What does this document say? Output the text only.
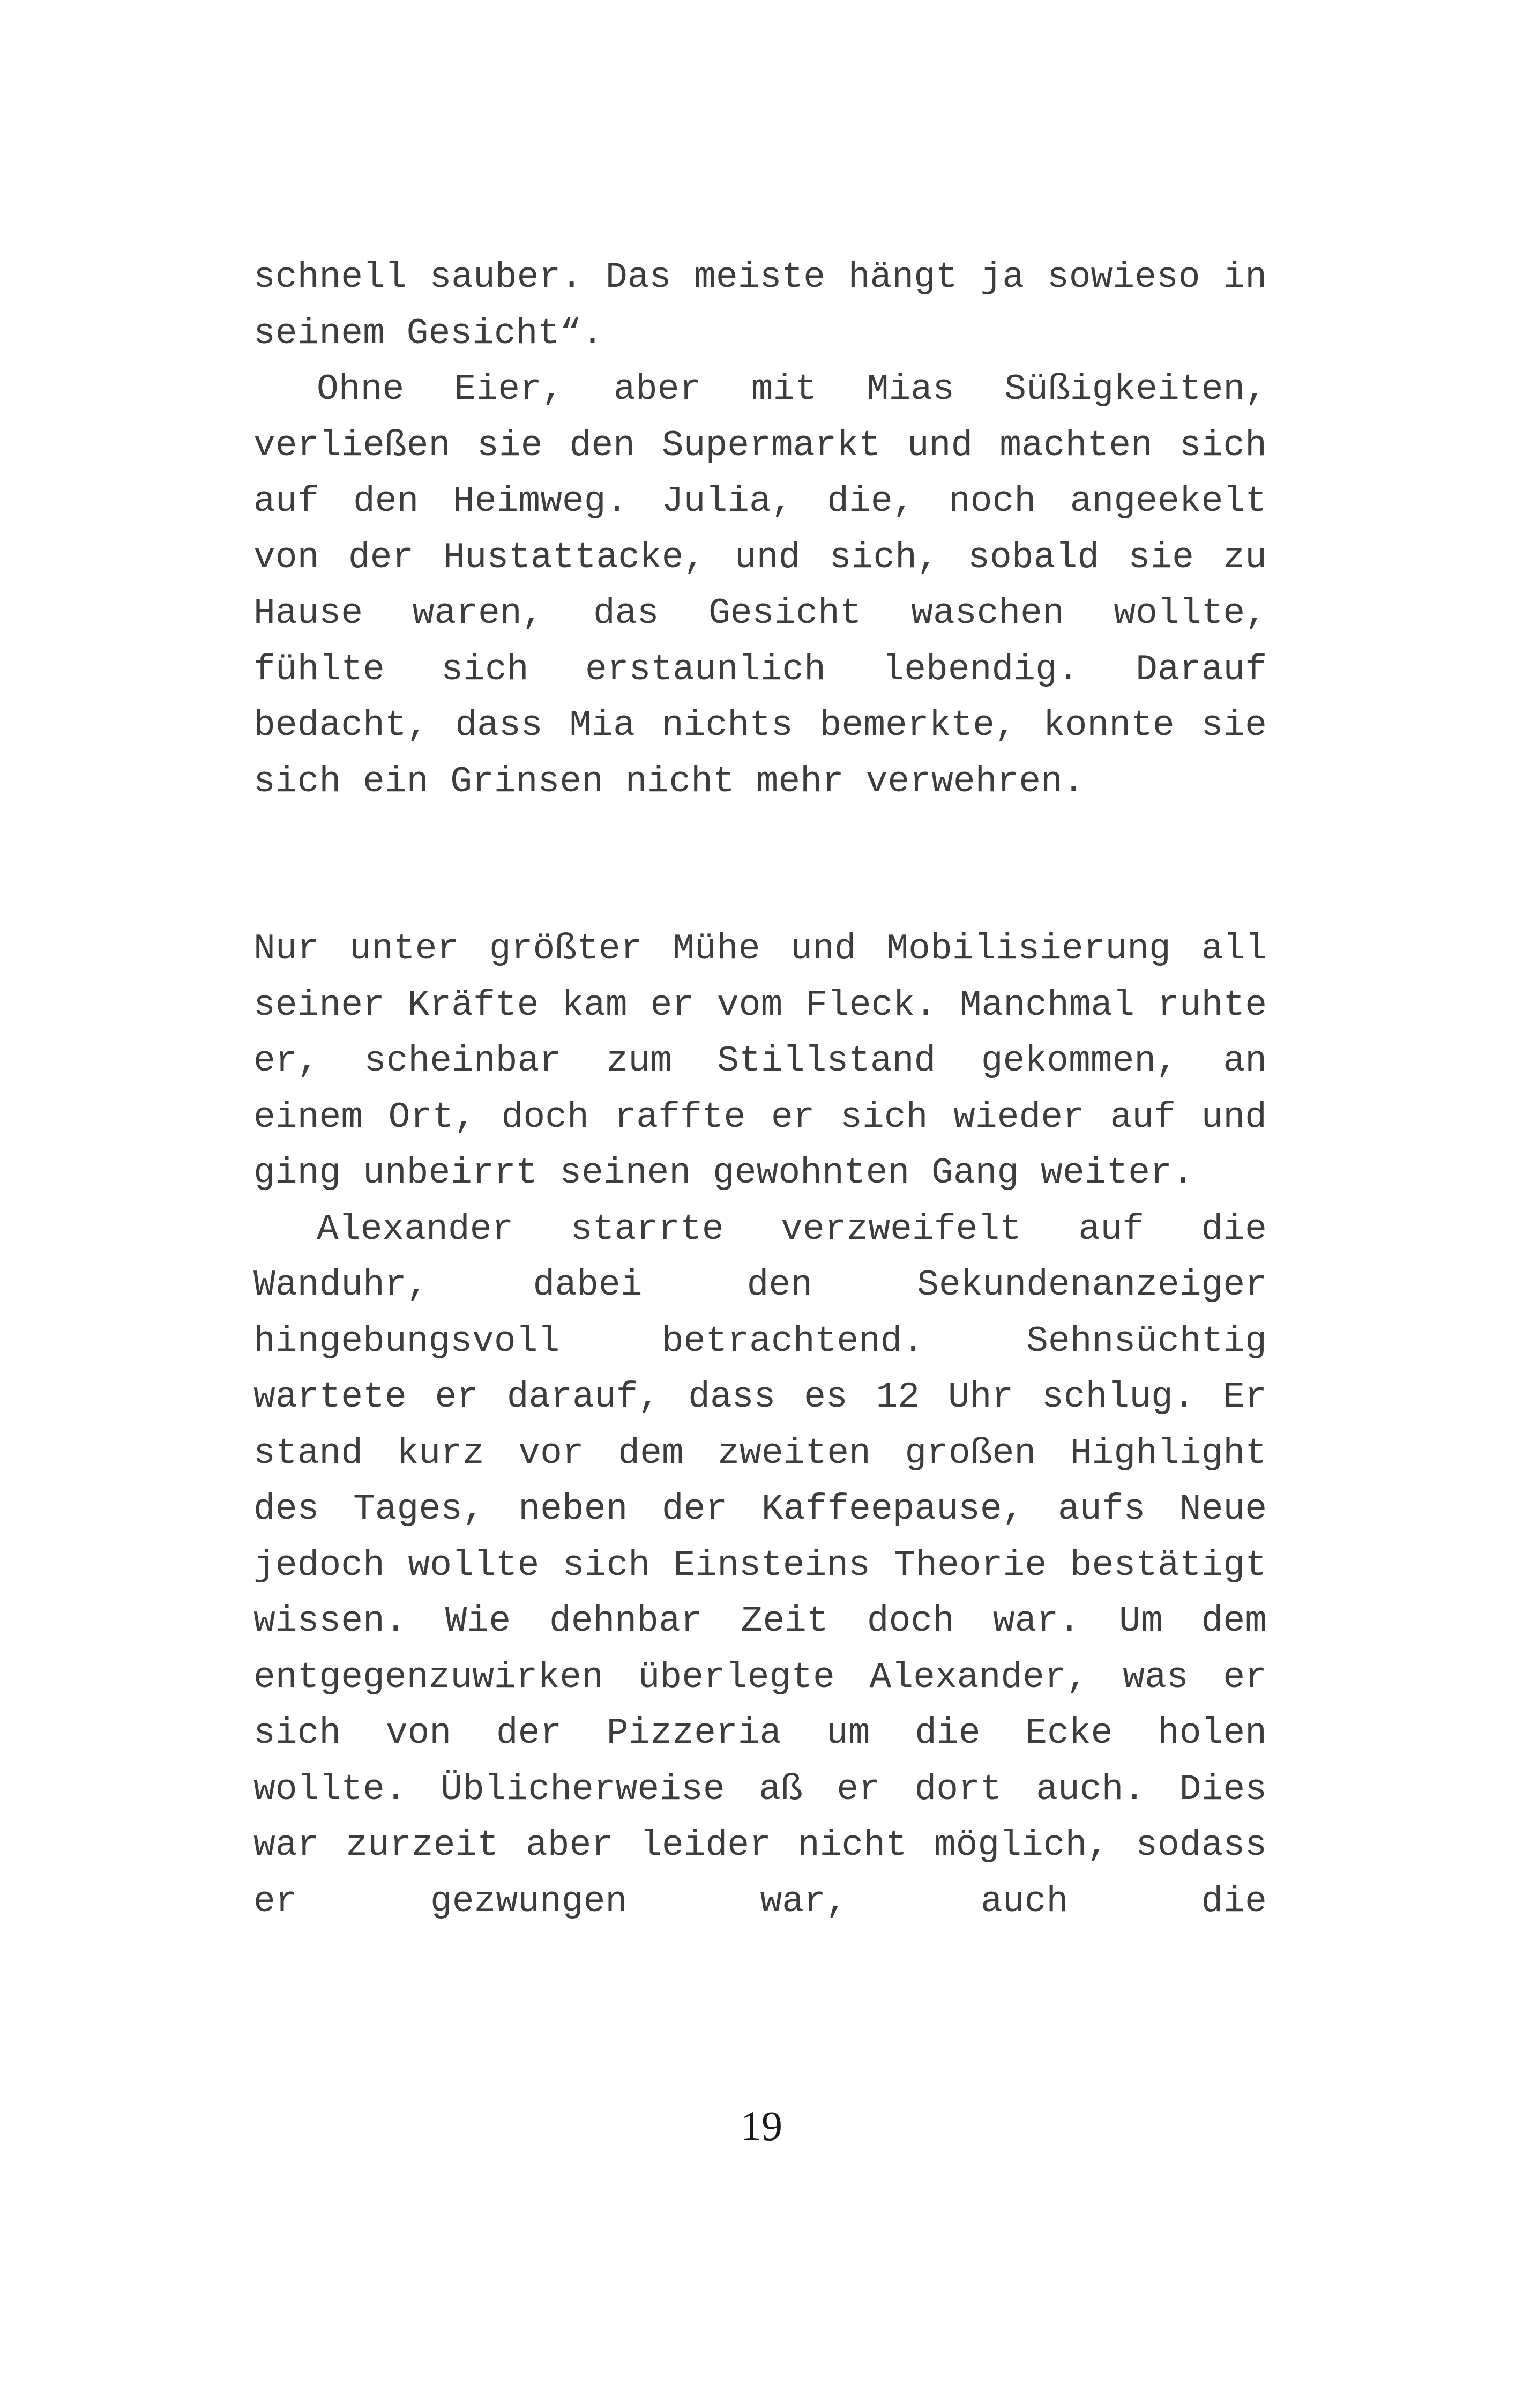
schnell sauber. Das meiste hängt ja sowieso in seinem Gesicht“.

Ohne Eier, aber mit Mias Süßigkeiten, verließen sie den Supermarkt und machten sich auf den Heimweg. Julia, die, noch angeekelt von der Hustattacke, und sich, sobald sie zu Hause waren, das Gesicht waschen wollte, fühlte sich erstaunlich lebendig. Darauf bedacht, dass Mia nichts bemerkte, konnte sie sich ein Grinsen nicht mehr verwehren.

Nur unter größter Mühe und Mobilisierung all seiner Kräfte kam er vom Fleck. Manchmal ruhte er, scheinbar zum Stillstand gekommen, an einem Ort, doch raffte er sich wieder auf und ging unbeirrt seinen gewohnten Gang weiter.

Alexander starrte verzweifelt auf die Wanduhr, dabei den Sekundenanzeiger hingebungsvoll betrachtend. Sehnsüchtig wartete er darauf, dass es 12 Uhr schlug. Er stand kurz vor dem zweiten großen Highlight des Tages, neben der Kaffeepause, aufs Neue jedoch wollte sich Einsteins Theorie bestätigt wissen. Wie dehnbar Zeit doch war. Um dem entgegenzuwirken überlegte Alexander, was er sich von der Pizzeria um die Ecke holen wollte. Üblicherweise aß er dort auch. Dies war zurzeit aber leider nicht möglich, sodass er gezwungen war, auch die

19
